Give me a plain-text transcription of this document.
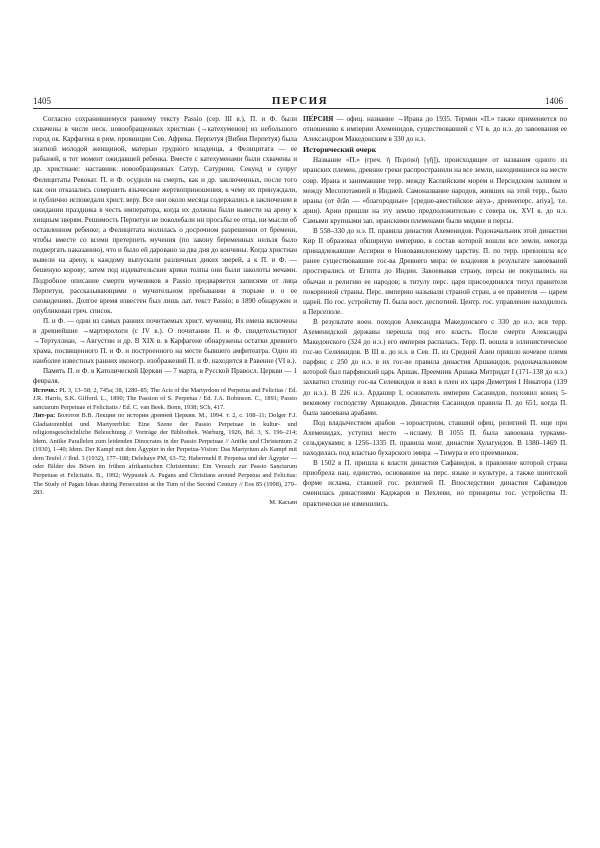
1405	ПЕРСИЯ	1406

Согласно сохранившемуся раннему тексту Passio (сер. III в.), П. и Ф. были схвачены в числе неск. новообращенных христиан (→катехуменов) из небольшого город ок. Карфагена в рим. провинции Сев. Африка. Перпетуя (Вибия Перпетуя) была знатной молодой женщиной, матерью грудного младенца, а Фелицитата — ее рабыней, в тот момент ожидавшей ребенка. Вместе с катехуменами были схвачены и др. христиане: наставник новообращенных Сатур, Сатурнин, Секунд и супруг Фелицитаты Ревокат. П. и Ф. осудили на смерть, как и др. заключенных, после того как они отказались совершить языческие жертвоприношения, к чему их принуждали, и публично исповедали христ. веру. Все они около месяца содержались в заключении в ожидании праздника в честь императора, когда их должны были вывести на арену к хищным зверям. Решимость Перпетуи не поколебали ни просьбы ее отца, ни мысли об оставленном ребенке; а Фелицитата молилась о досрочном разрешении от бремени, чтобы вместе со всеми претерпеть мучения (по закону беременных нельзя было подвергать наказанию), что и было ей даровано за два дня до кончины. Когда христиан вывели на арену, к каждому выпускали различных диких зверей, а к П. и Ф. — бешеную корову; затем под издевательские крики толпы они были заколоты мечами. Подробное описание смерти мучеников в Passio предваряется записями от лица Перпетуи, рассказывающими о мучительном пребывании в тюрьме и о ее сновидениях. Долгое время известен был лишь лат. текст Passio; в 1890 обнаружен и опубликован греч. список.

П. и Ф. — одни из самых ранних почитаемых христ. мучениц. Их имена включены в древнейшие →мартирологи (с IV в.). О почитании П. и Ф. свидетельствуют →Тертуллиан, →Августин и др. В XIX в. в Карфагене обнаружены остатки древнего храма, посвященного П. и Ф. и построенного на месте бывшего амфитеатра. Одно из наиболее известных ранних иконогр. изображений П. и Ф. находится в Равенне (VI в.).

Память П. и Ф. в Католической Церкви — 7 марта, в Русской Правосл. Церкви — 1 февраля.

Источн.: PL 3, 13–58; 2, 745а; 38, 1280–85; The Acts of the Martyrdom of Perpetua and Felicitas / Ed. J.R. Harris, S.K. Gifford. L., 1890; The Passion of S. Perpetua / Ed. J.A. Robinson. C., 1891; Passio sanctarum Perpetuae et Felicitatis / Ed. C. van Beek. Bonn, 1938; SCh, 417.

Лит-ра: Болотов В.В. Лекции по истории древней Церкви. М., 1994. т. 2, с. 108–11; Dolger F.J. Gladiatorenblut und Martyrerblut: Eine Szene der Passio Perpetuae in kultur- und religionsgeschichtliche Beleuchtung // Vorträge der Bibliothek. Warburg, 1926, Bd. 3, S. 196–214; Idem. Antike Parallelen zum leidenden Dinocrates in der Passio Perpetuae // Antike und Christentum 2 (1930), 1–40; Idem. Der Kampf mit dem Ägypter in der Perpetua-Vision: Das Martyrium als Kampf mit dem Teufel // Ibid. 3 (1932), 177–188; Delehaye PM, 63–72; Habermehl P. Perpetua und der Ägypter — oder Bilder des Bösen im frühen afrikanischen Christentum: Ein Versuch zur Passio Sanctarum Perpetuae et Felicitatis. B., 1992; Wypustek A. Pagans and Christians around Perpetua and Felicitas: The Study of Pagan Ideas during Persecution at the Turn of the Second Century // Eos 85 (1998), 279–283.

М. Касьян

ПЕ́РСИЯ — офиц. название →Ирана до 1935. Термин «П.» также применяется по отношению к империи Ахеменидов, существовавшей с VI в. до н.э. до завоевания ее Александром Македонским в 330 до н.э.

Исторический очерк

Название «П.» (греч. ἡ Περσική [γῆ]), происходящее от названия одного из иранских племен, древние греки распространили на все земли, находившиеся на месте совр. Ирана и занимавшие терр. между Каспийским морем и Персидским заливом и между Месопотамией и Индией. Самоназвание народов, живших на этой терр., было ираны (от ērān — «благородные» [средне-авестийское airya-, древнеперс. ariya], т.е. арии). Арии пришли на эту землю предположительно с севера ок. XVI в. до н.э. Самыми крупными зап. иранскими племенами были мидяне и персы.

В 558–330 до н.э. П. правила династия Ахеменидов. Родоначальник этой династии Кир II образовал обширную империю, в состав которой вошли все земли, некогда принадлежавшие Ассирии и Нововавилонскому царству. П. по терр. превзошла все ранее существовавшие гос-ва Древнего мира: ее владения в результате завоеваний простирались от Египта до Индии. Завоевывая страну, персы не покушались на обычаи и религию ее народов; к титулу перс. царя присоединялся титул правителя покоренной страны. Перс. империю называли страной стран, а ее правителя — царем царей. По гос. устройству П. была вост. деспотией. Центр. гос. управление находилось в Персеполе.

В результате воен. походов Александра Македонского с 330 до н.э. вся терр. Ахеменидской державы перешла под его власть. После смерти Александра Македонского (324 до н.э.) его империя распалась. Терр. П. вошла в эллинистическое гос-во Селевкидов. В III в. до н.э. в Сев. П. из Средней Азии пришло кочевое племя парфян; с 250 до н.э. в их гос-ве правила династия Аршакидов, родоначальником которой был парфянский царь Аршак. Преемник Аршака Митридат I (171–138 до н.э.) захватил столицу гос-ва Селевкидов и взял в плен их царя Деметрия I Никатора (139 до н.э.). В 226 н.э. Ардашир I, основатель империи Сасанидов, положил конец 5-вековому господству Аршакидов. Династия Сасанидов правила П. до 651, когда П. была завоевана арабами.

Под владычеством арабов →зороастризм, ставший офиц. религией П. еще при Ахеменидах, уступил место →исламу. В 1055 П. была завоевана турками-сельджуками; в 1256–1335 П. правила монг. династия Хулагуидов. В 1380–1469 П. находилась под властью бухарского эмира →Тимура и его преемников.

В 1502 в П. пришла к власти династия Сафавидов, в правление которой страна приобрела нац. единство, основанное на перс. языке и культуре, а также шиитской форме ислама, ставшей гос. религией П. Впоследствии династия Сафавидов сменилась династиями Каджаров и Пехлеви, но принципы гос. устройства П. практически не изменились.
